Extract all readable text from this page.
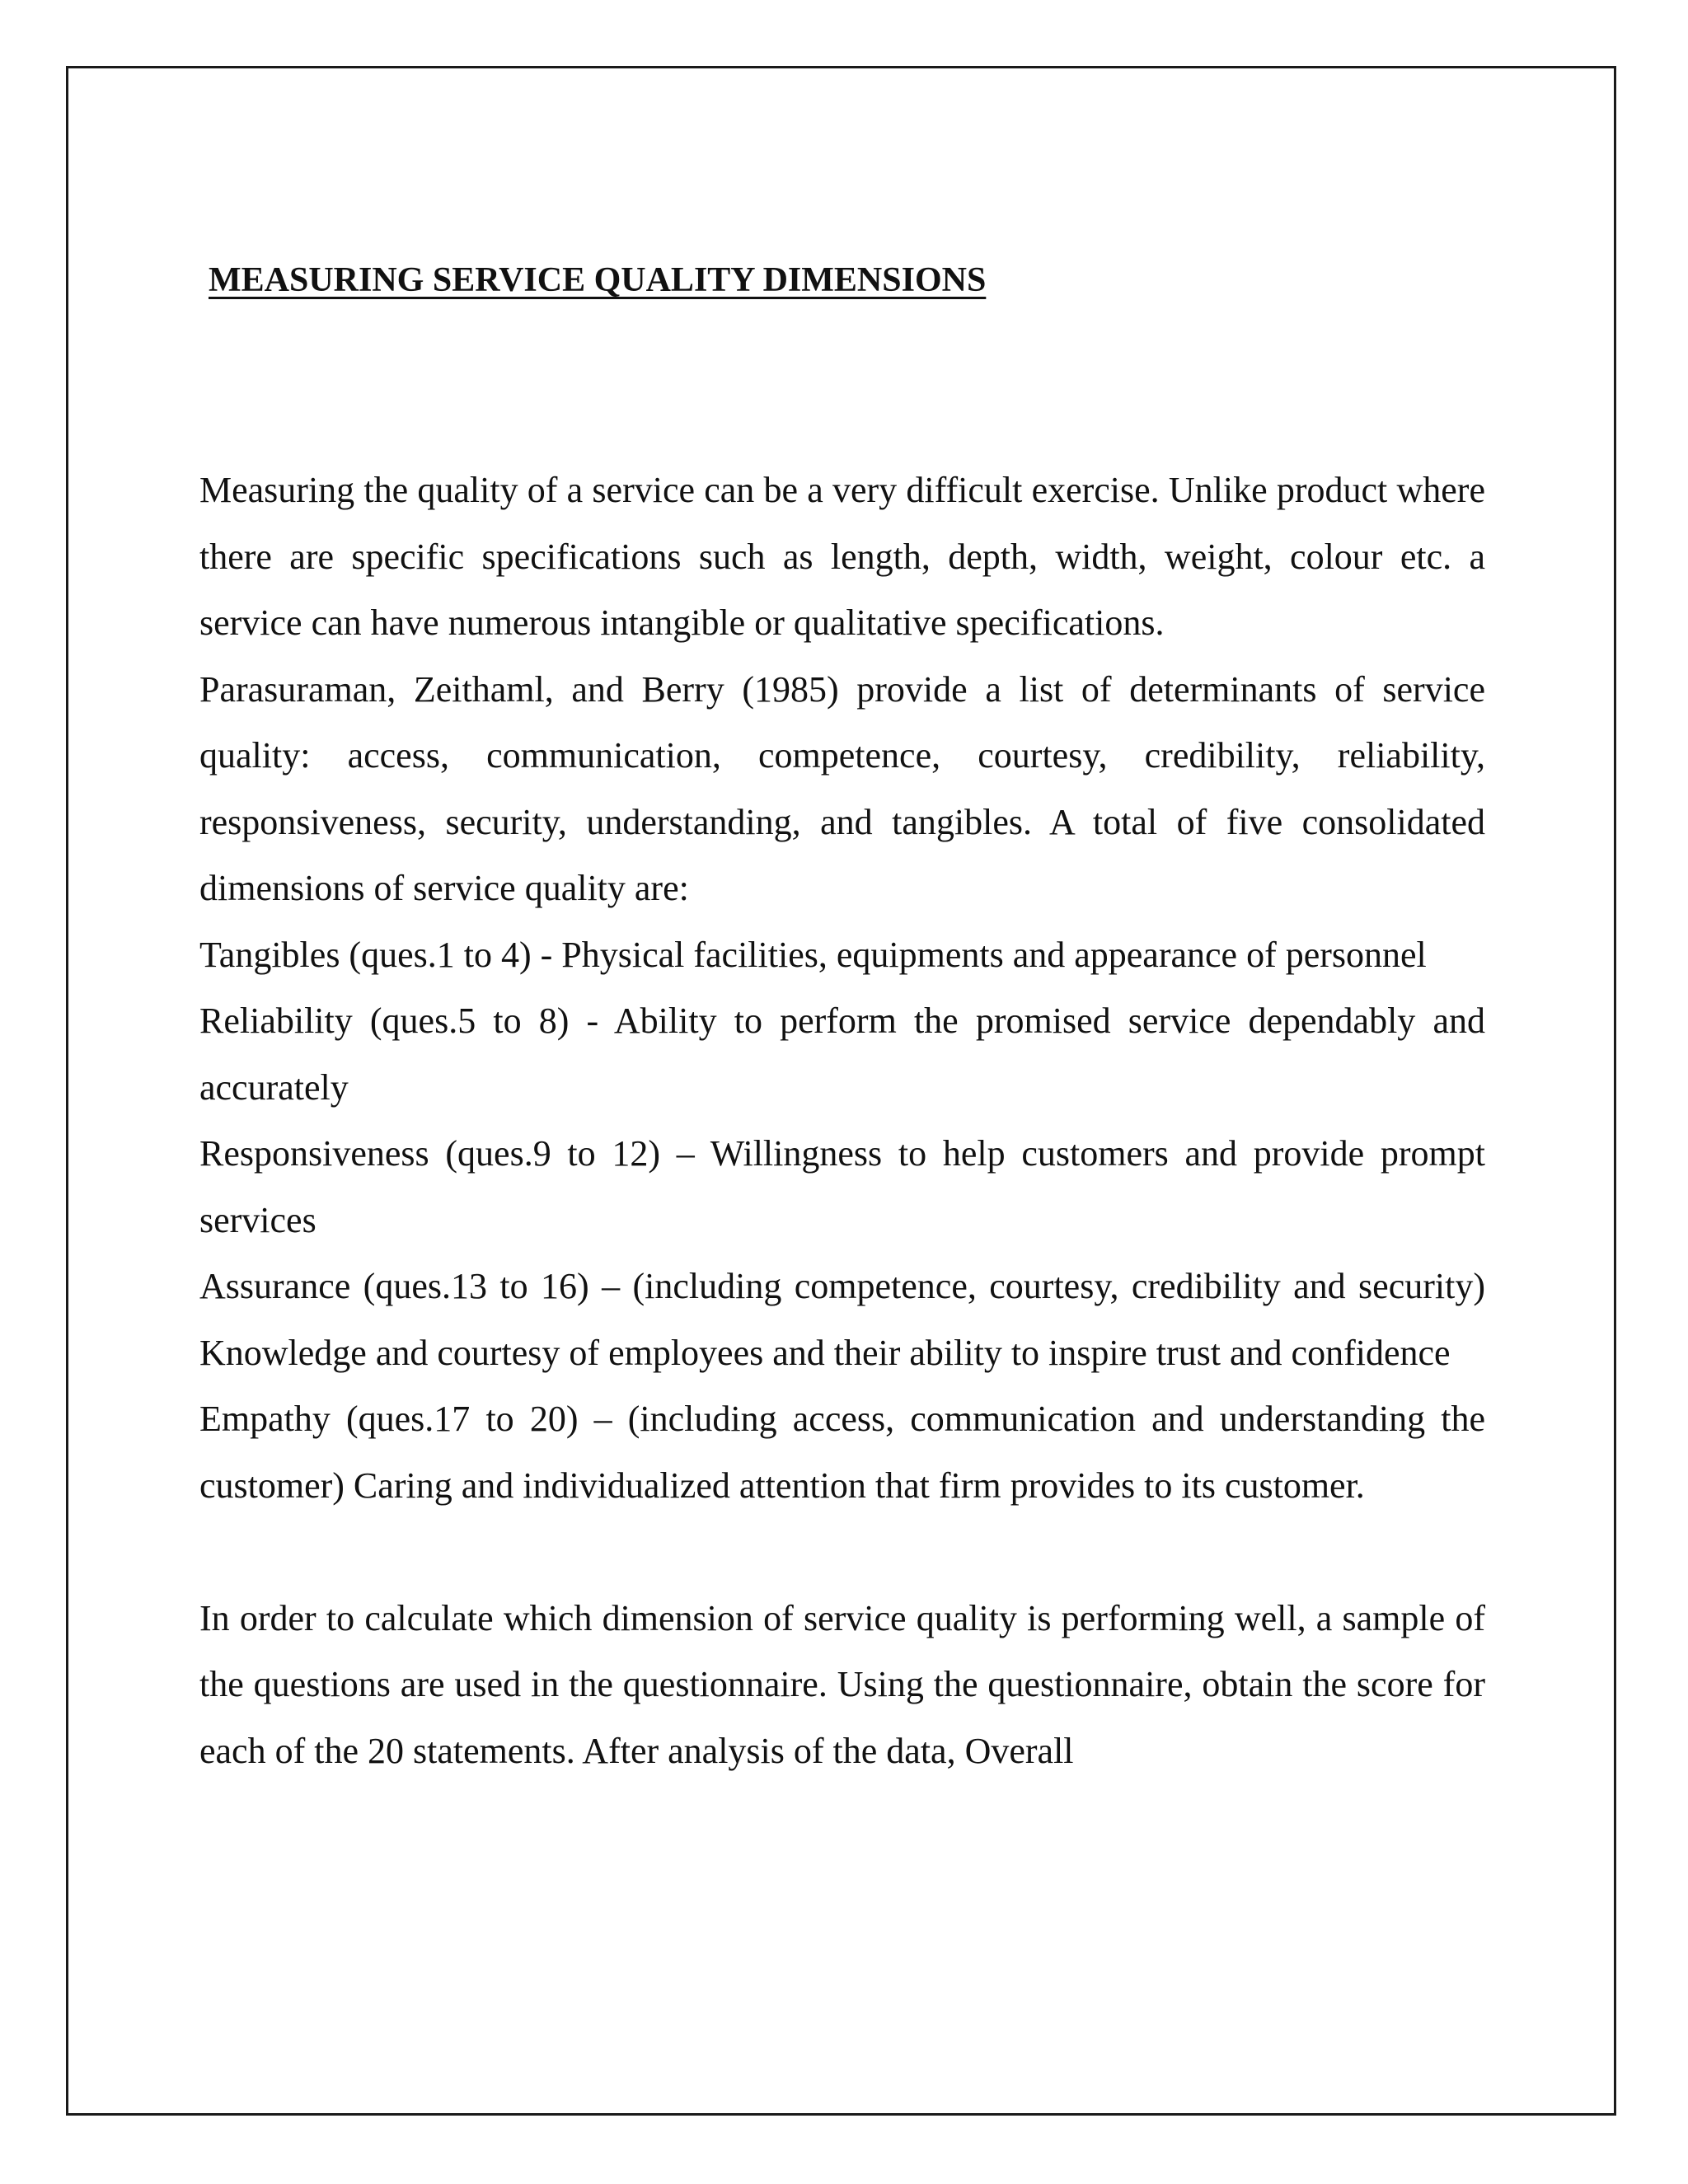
MEASURING SERVICE QUALITY DIMENSIONS

Measuring the quality of a service can be a very difficult exercise. Unlike product where there are specific specifications such as length, depth, width, weight, colour etc. a service can have numerous intangible or qualitative specifications.

Parasuraman, Zeithaml, and Berry (1985) provide a list of determinants of service quality: access, communication, competence, courtesy, credibility, reliability, responsiveness, security, understanding, and tangibles. A total of five consolidated dimensions of service quality are:

Tangibles (ques.1 to 4) - Physical facilities, equipments and appearance of personnel

Reliability (ques.5 to 8) - Ability to perform the promised service dependably and accurately

Responsiveness (ques.9 to 12) – Willingness to help customers and provide prompt services

Assurance (ques.13 to 16) – (including competence, courtesy, credibility and security) Knowledge and courtesy of employees and their ability to inspire trust and confidence

Empathy (ques.17 to 20) – (including access, communication and understanding the customer) Caring and individualized attention that firm provides to its customer.

In order to calculate which dimension of service quality is performing well, a sample of the questions are used in the questionnaire. Using the questionnaire, obtain the score for each of the 20 statements. After analysis of the data, Overall
